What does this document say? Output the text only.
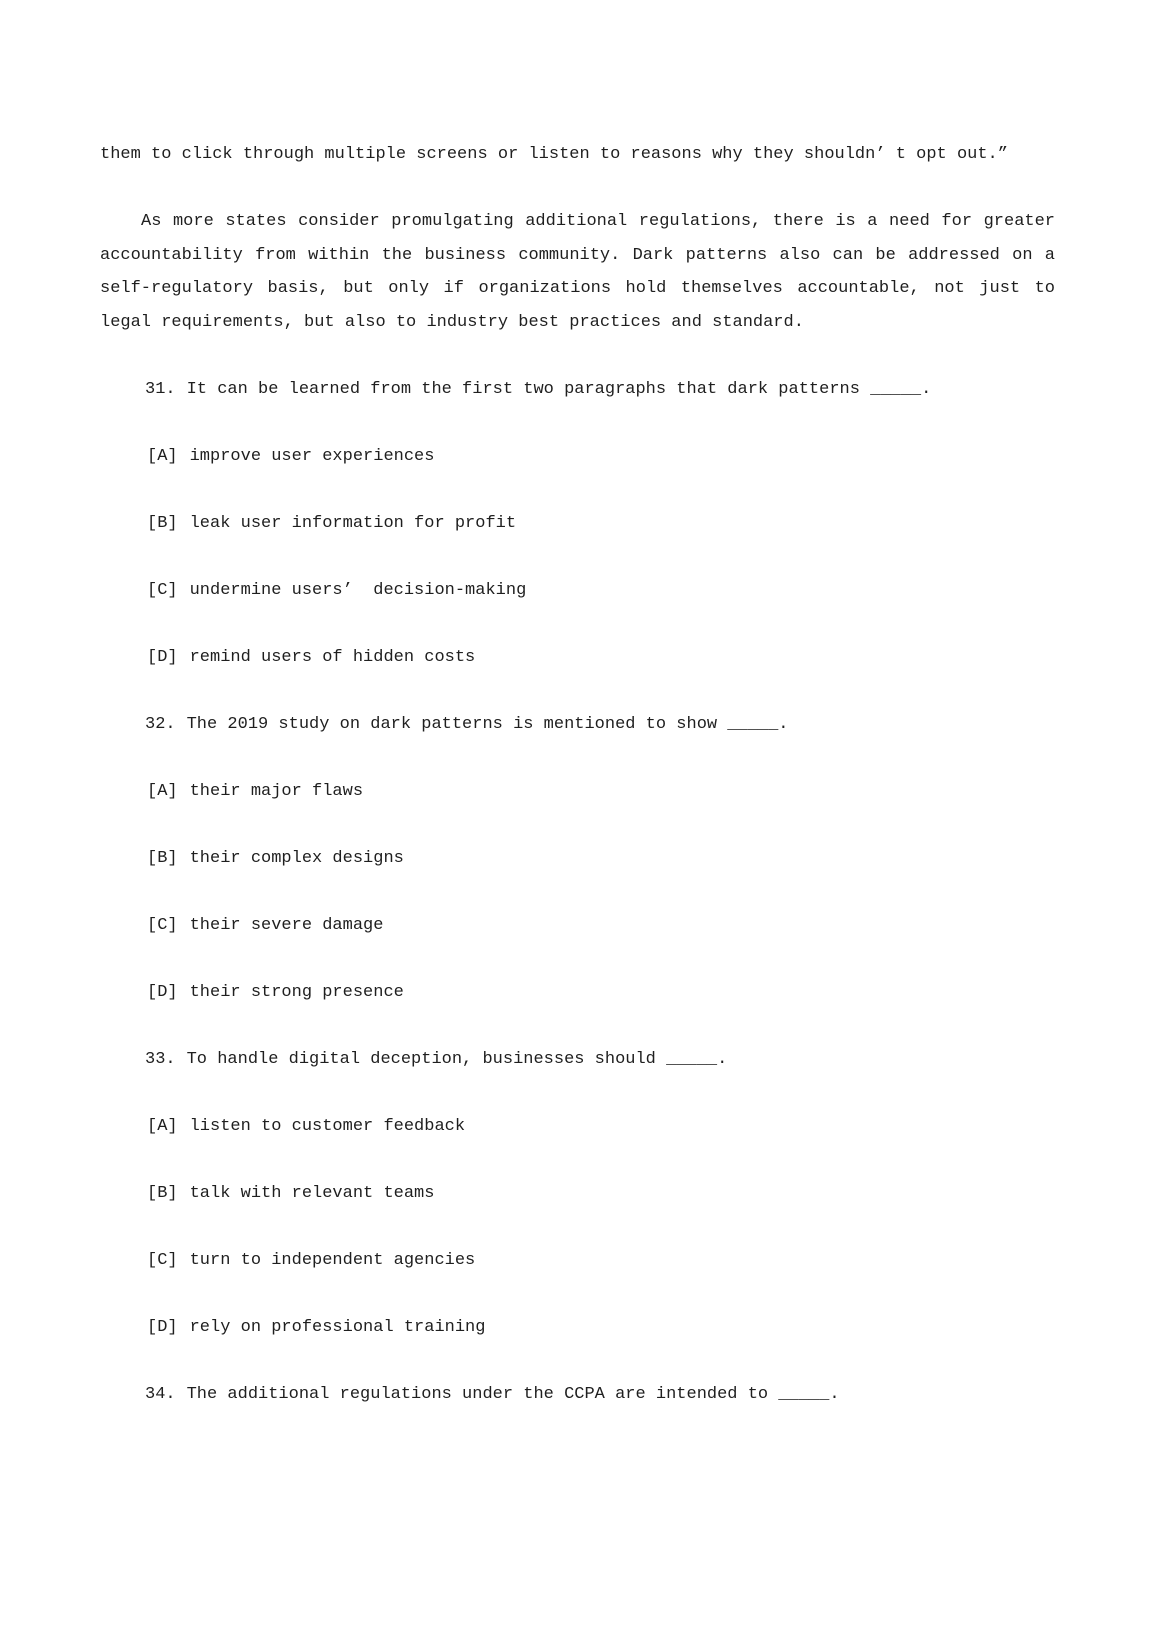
them to click through multiple screens or listen to reasons why they shouldn’ t opt out.”

As more states consider promulgating additional regulations, there is a need for greater accountability from within the business community. Dark patterns also can be addressed on a self-regulatory basis, but only if organizations hold themselves accountable, not just to legal requirements, but also to industry best practices and standard.

31. It can be learned from the first two paragraphs that dark patterns _____.
[A] improve user experiences
[B] leak user information for profit
[C] undermine users’  decision-making
[D] remind users of hidden costs
32. The 2019 study on dark patterns is mentioned to show _____.
[A] their major flaws
[B] their complex designs
[C] their severe damage
[D] their strong presence
33. To handle digital deception, businesses should _____.
[A] listen to customer feedback
[B] talk with relevant teams
[C] turn to independent agencies
[D] rely on professional training
34. The additional regulations under the CCPA are intended to _____.
